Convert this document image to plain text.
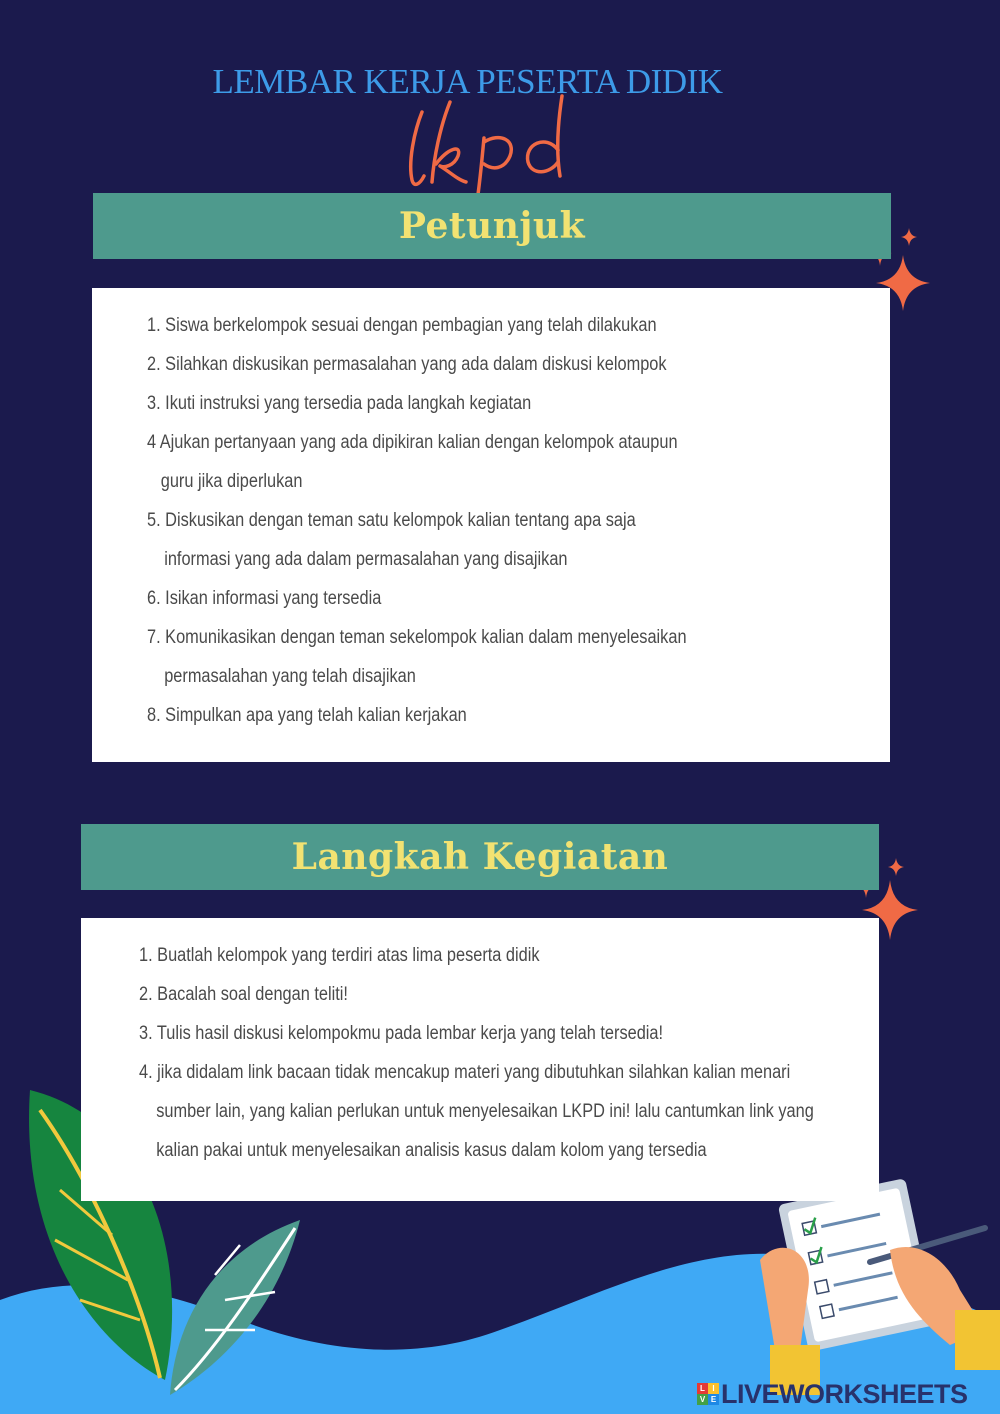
LEMBAR KERJA PESERTA DIDIK
Petunjuk
1. Siswa berkelompok sesuai dengan pembagian yang telah dilakukan
2. Silahkan diskusikan permasalahan yang ada dalam diskusi kelompok
3. Ikuti instruksi yang tersedia pada langkah kegiatan
4 Ajukan pertanyaan yang ada dipikiran kalian dengan kelompok ataupun
guru jika diperlukan
5. Diskusikan dengan teman satu kelompok kalian tentang apa saja
informasi yang ada dalam permasalahan yang disajikan
6. Isikan informasi yang tersedia
7. Komunikasikan dengan teman sekelompok kalian dalam menyelesaikan
permasalahan yang telah disajikan
8. Simpulkan apa yang telah kalian kerjakan
Langkah Kegiatan
1. Buatlah kelompok yang terdiri atas lima peserta didik
2. Bacalah soal dengan teliti!
3. Tulis hasil diskusi kelompokmu pada lembar kerja yang telah tersedia!
4. jika didalam link bacaan tidak mencakup materi yang dibutuhkan silahkan kalian menari
sumber lain, yang kalian perlukan untuk menyelesaikan LKPD ini! lalu cantumkan link yang
kalian pakai untuk menyelesaikan analisis kasus dalam kolom yang tersedia
L I
V E LIVEWORKSHEETS
